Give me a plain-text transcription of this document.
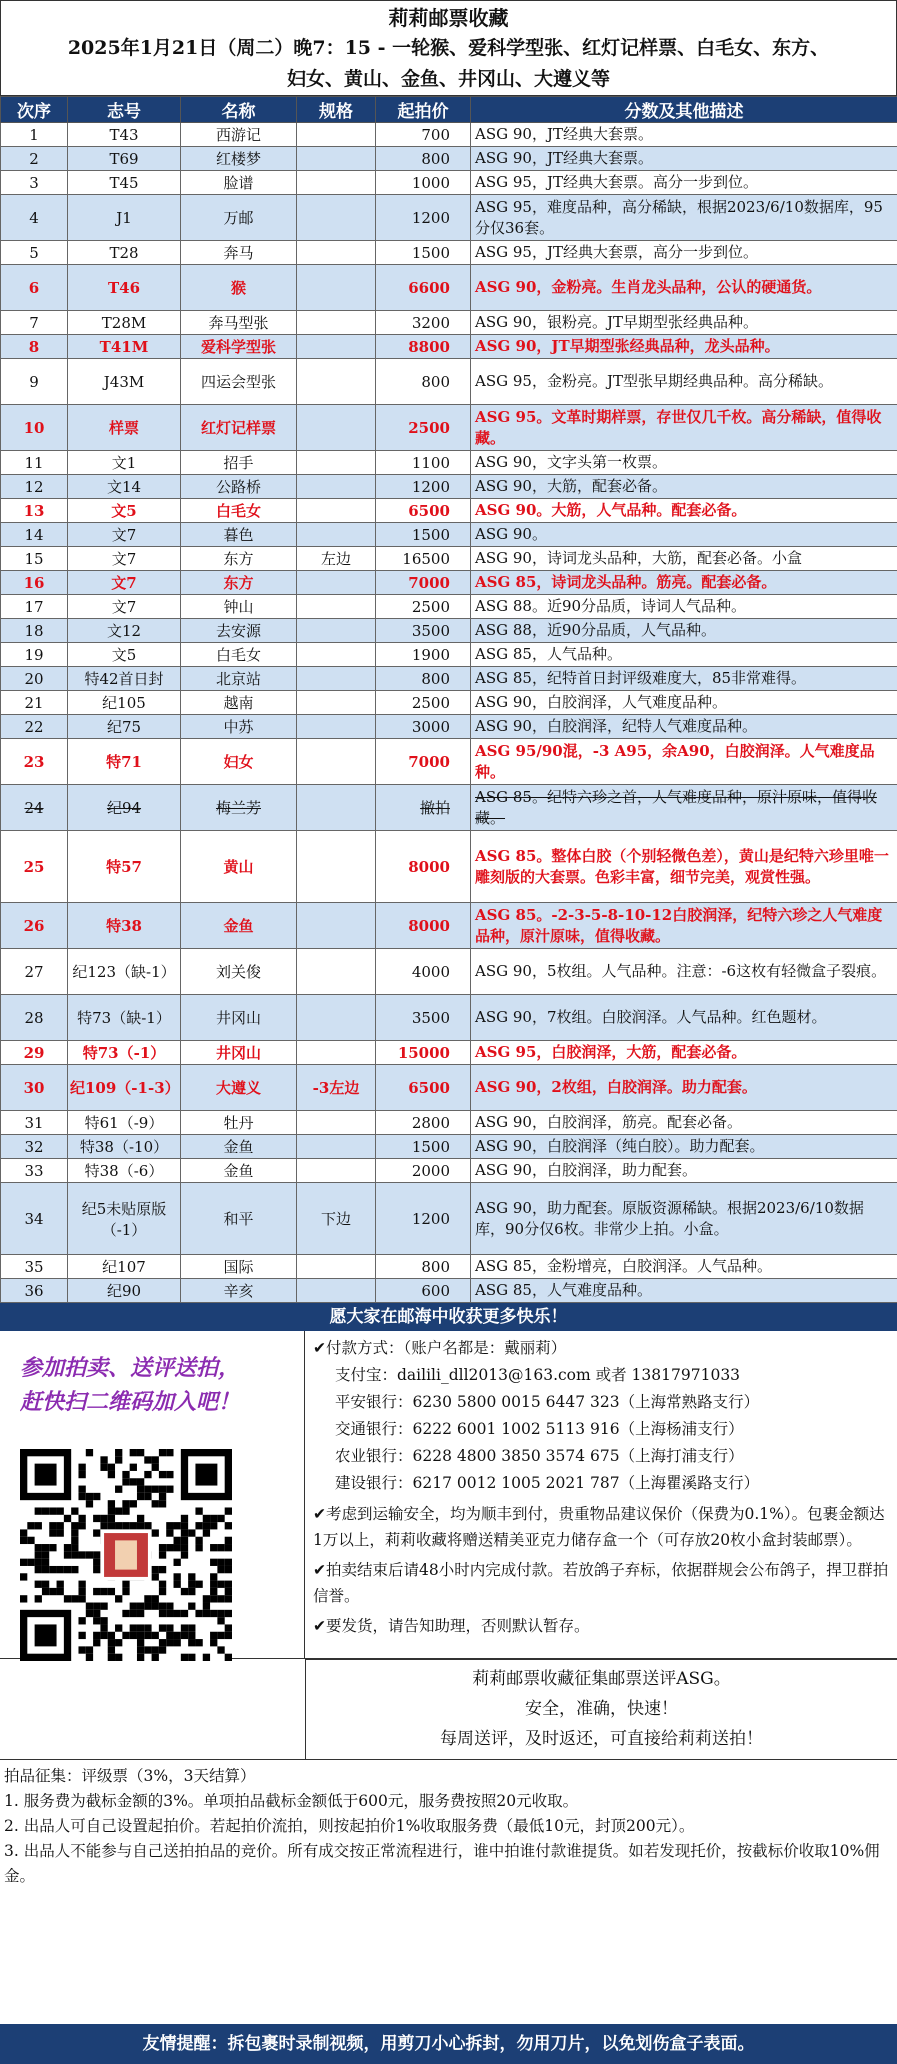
莉莉邮票收藏
2025年1月21日（周二）晚7：15 - 一轮猴、爱科学型张、红灯记样票、白毛女、东方、
妇女、黄山、金鱼、井冈山、大遵义等
次序	志号	名称	规格	起拍价	分数及其他描述
1	T43	西游记		700	ASG 90，JT经典大套票。
2	T69	红楼梦		800	ASG 90，JT经典大套票。
3	T45	脸谱		1000	ASG 95，JT经典大套票。高分一步到位。
4	J1	万邮		1200	ASG 95，难度品种，高分稀缺，根据2023/6/10数据库，95分仅36套。
5	T28	奔马		1500	ASG 95，JT经典大套票，高分一步到位。
6	T46	猴		6600	ASG 90，金粉亮。生肖龙头品种，公认的硬通货。
7	T28M	奔马型张		3200	ASG 90，银粉亮。JT早期型张经典品种。
8	T41M	爱科学型张		8800	ASG 90，JT早期型张经典品种，龙头品种。
9	J43M	四运会型张		800	ASG 95，金粉亮。JT型张早期经典品种。高分稀缺。
10	样票	红灯记样票		2500	ASG 95。文革时期样票，存世仅几千枚。高分稀缺，值得收藏。
11	文1	招手		1100	ASG 90，文字头第一枚票。
12	文14	公路桥		1200	ASG 90，大筋，配套必备。
13	文5	白毛女		6500	ASG 90。大筋，人气品种。配套必备。
14	文7	暮色		1500	ASG 90。
15	文7	东方	左边	16500	ASG 90，诗词龙头品种，大筋，配套必备。小盒
16	文7	东方		7000	ASG 85，诗词龙头品种。筋亮。配套必备。
17	文7	钟山		2500	ASG 88。近90分品质，诗词人气品种。
18	文12	去安源		3500	ASG 88，近90分品质，人气品种。
19	文5	白毛女		1900	ASG 85，人气品种。
20	特42首日封	北京站		800	ASG 85，纪特首日封评级难度大，85非常难得。
21	纪105	越南		2500	ASG 90，白胶润泽，人气难度品种。
22	纪75	中苏		3000	ASG 90，白胶润泽，纪特人气难度品种。
23	特71	妇女		7000	ASG 95/90混，-3 A95，余A90，白胶润泽。人气难度品种。
24	纪94	梅兰芳		撤拍	ASG 85。纪特六珍之首，人气难度品种，原汁原味，值得收藏。
25	特57	黄山		8000	ASG 85。整体白胶（个别轻微色差），黄山是纪特六珍里唯一雕刻版的大套票。色彩丰富，细节完美，观赏性强。
26	特38	金鱼		8000	ASG 85。-2-3-5-8-10-12白胶润泽，纪特六珍之人气难度品种，原汁原味，值得收藏。
27	纪123（缺-1）	刘关俊		4000	ASG 90，5枚组。人气品种。注意：-6这枚有轻微盒子裂痕。
28	特73（缺-1）	井冈山		3500	ASG 90，7枚组。白胶润泽。人气品种。红色题材。
29	特73（-1）	井冈山		15000	ASG 95，白胶润泽，大筋，配套必备。
30	纪109（-1-3）	大遵义	-3左边	6500	ASG 90，2枚组，白胶润泽。助力配套。
31	特61（-9）	牡丹		2800	ASG 90，白胶润泽，筋亮。配套必备。
32	特38（-10）	金鱼		1500	ASG 90，白胶润泽（纯白胶）。助力配套。
33	特38（-6）	金鱼		2000	ASG 90，白胶润泽，助力配套。
34	纪5未贴原版（-1）	和平	下边	1200	ASG 90，助力配套。原版资源稀缺。根据2023/6/10数据库，90分仅6枚。非常少上拍。小盒。
35	纪107	国际		800	ASG 85，金粉增亮，白胶润泽。人气品种。
36	纪90	辛亥		600	ASG 85，人气难度品种。
愿大家在邮海中收获更多快乐！
参加拍卖、送评送拍，
赶快扫二维码加入吧！
✔付款方式：（账户名都是：戴丽莉）
支付宝：dailili_dll2013@163.com 或者 13817971033
平安银行：6230 5800 0015 6447 323（上海常熟路支行）
交通银行：6222 6001 1002 5113 916（上海杨浦支行）
农业银行：6228 4800 3850 3574 675（上海打浦支行）
建设银行：6217 0012 1005 2021 787（上海瞿溪路支行）
✔考虑到运输安全，均为顺丰到付，贵重物品建议保价（保费为0.1%）。包裹金额达1万以上，莉莉收藏将赠送精美亚克力储存盒一个（可存放20枚小盒封装邮票）。
✔拍卖结束后请48小时内完成付款。若放鸽子弃标，依据群规会公布鸽子，捍卫群拍信誉。
✔要发货，请告知助理，否则默认暂存。
莉莉邮票收藏征集邮票送评ASG。
安全，准确，快速！
每周送评，及时返还，可直接给莉莉送拍！
拍品征集：评级票（3%，3天结算）
1. 服务费为截标金额的3%。单项拍品截标金额低于600元，服务费按照20元收取。
2. 出品人可自己设置起拍价。若起拍价流拍，则按起拍价1%收取服务费（最低10元，封顶200元）。
3. 出品人不能参与自己送拍拍品的竞价。所有成交按正常流程进行，谁中拍谁付款谁提货。如若发现托价，按截标价收取10%佣金。
友情提醒：拆包裹时录制视频，用剪刀小心拆封，勿用刀片，以免划伤盒子表面。
